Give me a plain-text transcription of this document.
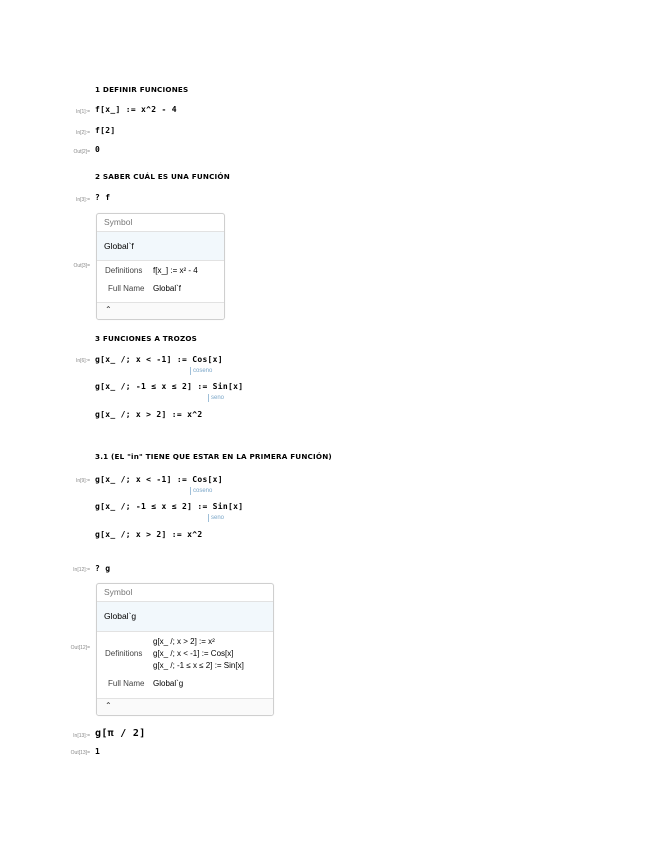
1 DEFINIR FUNCIONES
In[1]:= f[x_] := x^2 - 4
In[2]:= f[2]
Out[2]= 0
2 SABER CUÁL ES UNA FUNCIÓN
In[3]:= ? f
Out[3]=
Symbol
Global`f
Definitions f[x_] := x² - 4
Full Name Global`f
⌃
3 FUNCIONES A TROZOS
In[6]:= g[x_ /; x < -1] := Cos[x]
coseno
g[x_ /; -1 ≤ x ≤ 2] := Sin[x]
seno
g[x_ /; x > 2] := x^2
3.1 (EL "in" TIENE QUE ESTAR EN LA PRIMERA FUNCIÓN)
In[9]:= g[x_ /; x < -1] := Cos[x]
coseno
g[x_ /; -1 ≤ x ≤ 2] := Sin[x]
seno
g[x_ /; x > 2] := x^2
In[12]:= ? g
Out[12]=
Symbol
Global`g
g[x_ /; x > 2] := x²
Definitions g[x_ /; x < -1] := Cos[x]
g[x_ /; -1 ≤ x ≤ 2] := Sin[x]
Full Name Global`g
⌃
In[13]:= g[π / 2]
Out[13]= 1
